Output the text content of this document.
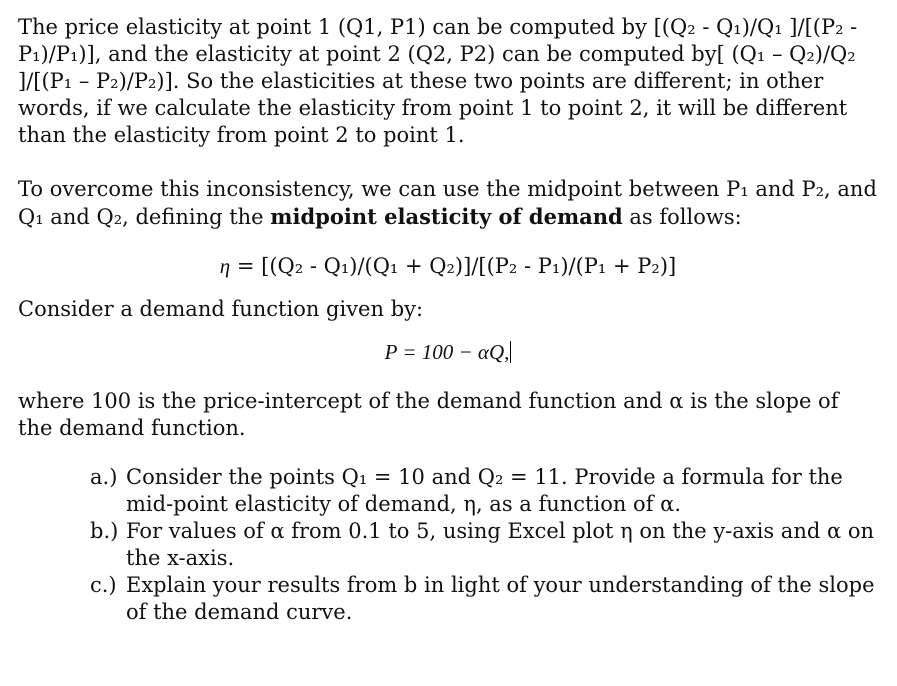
The price elasticity at point 1 (Q1, P1) can be computed by [(Q₂ - Q₁)/Q₁ ]/[(P₂ - P₁)/P₁)], and the elasticity at point 2 (Q2, P2) can be computed by[ (Q₁ – Q₂)/Q₂ ]/[(P₁ – P₂)/P₂)]. So the elasticities at these two points are different; in other words, if we calculate the elasticity from point 1 to point 2, it will be different than the elasticity from point 2 to point 1.

To overcome this inconsistency, we can use the midpoint between P₁ and P₂, and Q₁ and Q₂, defining the midpoint elasticity of demand as follows:

η = [(Q₂ - Q₁)/(Q₁ + Q₂)]/[(P₂ - P₁)/(P₁ + P₂)]

Consider a demand function given by:

P = 100 − αQ,

where 100 is the price-intercept of the demand function and α is the slope of the demand function.

a.) Consider the points Q₁ = 10 and Q₂ = 11. Provide a formula for the mid-point elasticity of demand, η, as a function of α.
b.) For values of α from 0.1 to 5, using Excel plot η on the y-axis and α on the x-axis.
c.) Explain your results from b in light of your understanding of the slope of the demand curve.
